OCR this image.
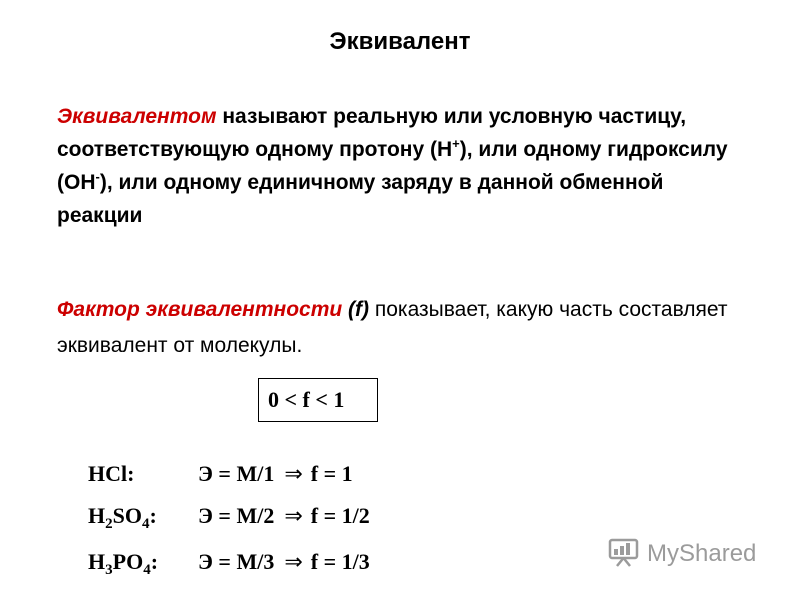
Эквивалент
Эквивалентом называют реальную или условную частицу, соответствующую одному протону (Н+), или одному гидроксилу (ОН-), или одному единичному заряду в данной обменной реакции
Фактор эквивалентности (f) показывает, какую часть составляет эквивалент от молекулы.
0 < f < 1
HCl:	Э = М/1 ⇒ f = 1
$H_2SO_4$: Э = М/2 ⇒ f = 1/2
$H_3PO_4$: Э = М/3 ⇒ f = 1/3	MyShared
